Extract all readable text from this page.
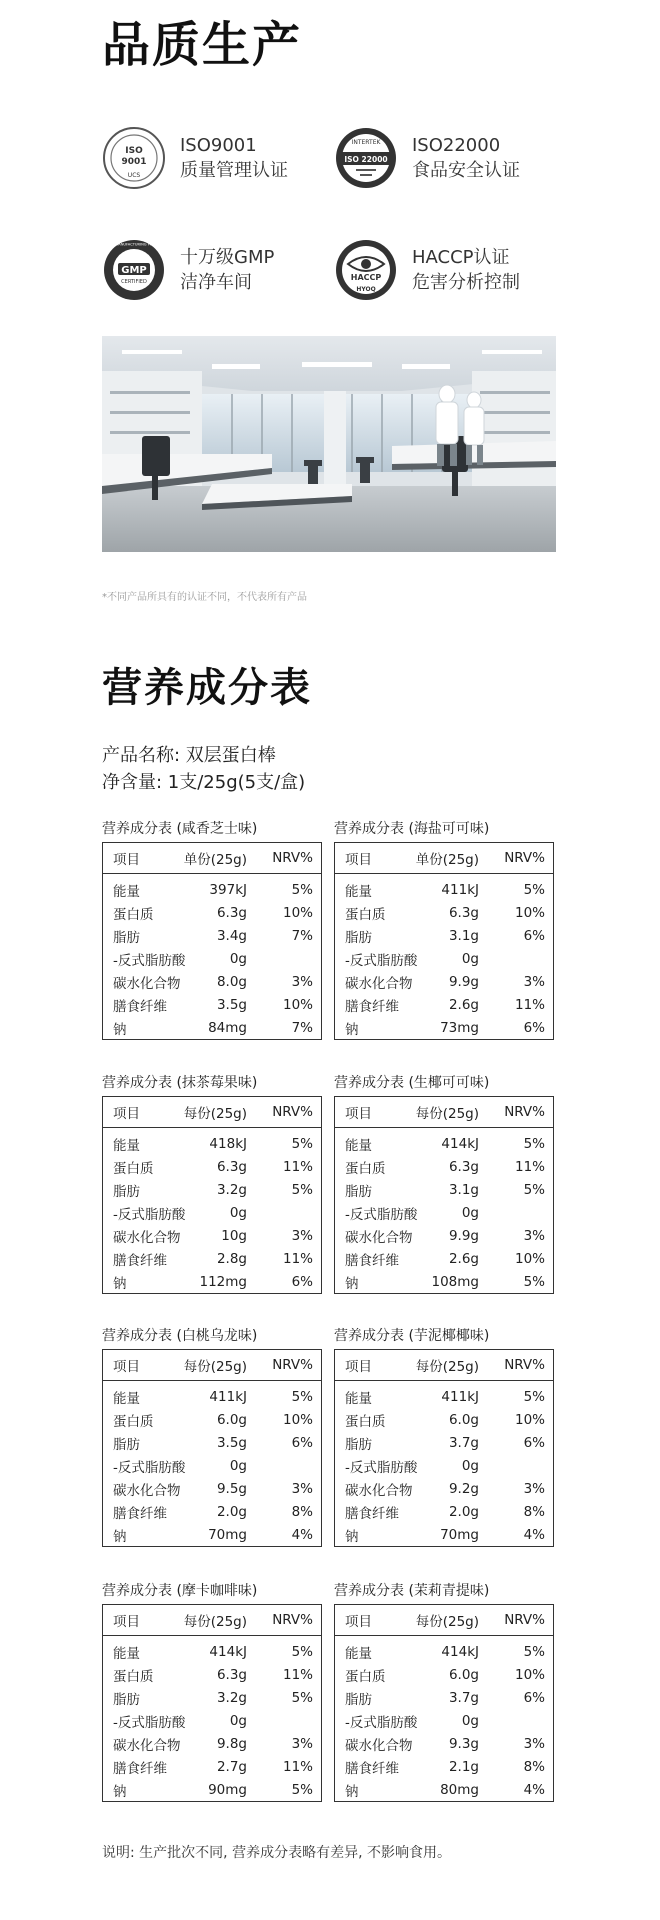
品质生产
ISO
9001
UCS
ISO9001
质量管理认证
INTERTEK
ISO 22000
ISO22000
食品安全认证
GMP
CERTIFIED
GOOD MANUFACTURING PRACTICE
十万级GMP
洁净车间	HACCP
HYOQ
HACCP认证
危害分析控制
*不同产品所具有的认证不同，不代表所有产品
营养成分表
产品名称: 双层蛋白棒
净含量: 1支/25g(5支/盒)
营养成分表 (咸香芝士味)
项目	单份(25g) NRV%
能量	397kJ	5%
蛋白质	6.3g	10%
脂肪	3.4g	7%
-反式脂肪酸	0g
碳水化合物	8.0g	3%
膳食纤维	3.5g	10%
钠	84mg	7%
营养成分表 (海盐可可味)
项目	单份(25g) NRV%
能量	411kJ	5%
蛋白质	6.3g	10%
脂肪	3.1g	6%
-反式脂肪酸	0g
碳水化合物	9.9g	3%
膳食纤维	2.6g	11%
钠	73mg	6%
营养成分表 (抹茶莓果味)
项目	每份(25g) NRV%
能量	418kJ	5%
蛋白质	6.3g	11%
脂肪	3.2g	5%
-反式脂肪酸	0g
碳水化合物	10g	3%
膳食纤维	2.8g	11%
钠	112mg	6%
营养成分表 (生椰可可味)
项目	每份(25g) NRV%
能量	414kJ	5%
蛋白质	6.3g	11%
脂肪	3.1g	5%
-反式脂肪酸	0g
碳水化合物	9.9g	3%
膳食纤维	2.6g	10%
钠	108mg	5%
营养成分表 (白桃乌龙味)
项目	每份(25g) NRV%
能量	411kJ	5%
蛋白质	6.0g	10%
脂肪	3.5g	6%
-反式脂肪酸	0g
碳水化合物	9.5g	3%
膳食纤维	2.0g	8%
钠	70mg	4%
营养成分表 (芋泥椰椰味)
项目	每份(25g) NRV%
能量	411kJ	5%
蛋白质	6.0g	10%
脂肪	3.7g	6%
-反式脂肪酸	0g
碳水化合物	9.2g	3%
膳食纤维	2.0g	8%
钠	70mg	4%
营养成分表 (摩卡咖啡味)
项目	每份(25g) NRV%
能量	414kJ	5%
蛋白质	6.3g	11%
脂肪	3.2g	5%
-反式脂肪酸	0g
碳水化合物	9.8g	3%
膳食纤维	2.7g	11%
钠	90mg	5%
营养成分表 (茉莉青提味)
项目	每份(25g) NRV%
能量	414kJ	5%
蛋白质	6.0g	10%
脂肪	3.7g	6%
-反式脂肪酸	0g
碳水化合物	9.3g	3%
膳食纤维	2.1g	8%
钠	80mg	4%
说明: 生产批次不同, 营养成分表略有差异, 不影响食用。
